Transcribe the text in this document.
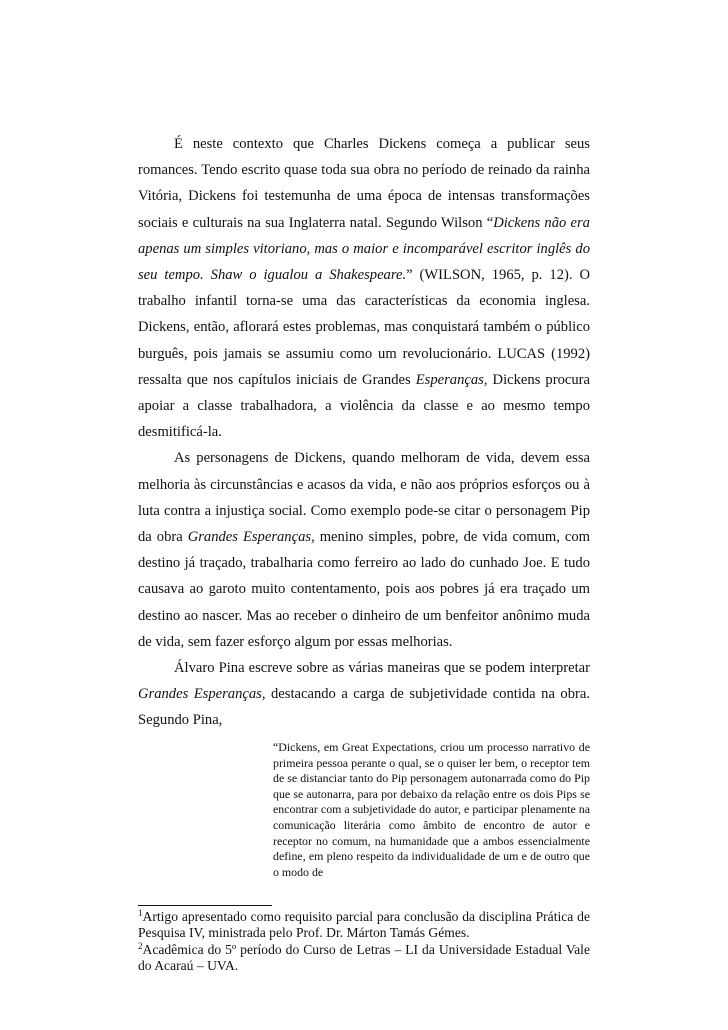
É neste contexto que Charles Dickens começa a publicar seus romances. Tendo escrito quase toda sua obra no período de reinado da rainha Vitória, Dickens foi testemunha de uma época de intensas transformações sociais e culturais na sua Inglaterra natal. Segundo Wilson “Dickens não era apenas um simples vitoriano, mas o maior e incomparável escritor inglês do seu tempo. Shaw o igualou a Shakespeare.” (WILSON, 1965, p. 12). O trabalho infantil torna-se uma das características da economia inglesa. Dickens, então, aflorará estes problemas, mas conquistará também o público burguês, pois jamais se assumiu como um revolucionário. LUCAS (1992) ressalta que nos capítulos iniciais de Grandes Esperanças, Dickens procura apoiar a classe trabalhadora, a violência da classe e ao mesmo tempo desmitificá-la.

As personagens de Dickens, quando melhoram de vida, devem essa melhoria às circunstâncias e acasos da vida, e não aos próprios esforços ou à luta contra a injustiça social. Como exemplo pode-se citar o personagem Pip da obra Grandes Esperanças, menino simples, pobre, de vida comum, com destino já traçado, trabalharia como ferreiro ao lado do cunhado Joe. E tudo causava ao garoto muito contentamento, pois aos pobres já era traçado um destino ao nascer. Mas ao receber o dinheiro de um benfeitor anônimo muda de vida, sem fazer esforço algum por essas melhorias.

Álvaro Pina escreve sobre as várias maneiras que se podem interpretar Grandes Esperanças, destacando a carga de subjetividade contida na obra. Segundo Pina,

“Dickens, em Great Expectations, criou um processo narrativo de primeira pessoa perante o qual, se o quiser ler bem, o receptor tem de se distanciar tanto do Pip personagem autonarrada como do Pip que se autonarra, para por debaixo da relação entre os dois Pips se encontrar com a subjetividade do autor, e participar plenamente na comunicação literária como âmbito de encontro de autor e receptor no comum, na humanidade que a ambos essencialmente define, em pleno respeito da individualidade de um e de outro que o modo de

$^1$Artigo apresentado como requisito parcial para conclusão da disciplina Prática de Pesquisa IV, ministrada pelo Prof. Dr. Márton Tamás Gémes.

$^2$Acadêmica do 5º período do Curso de Letras – LI da Universidade Estadual Vale do Acaraú – UVA.
